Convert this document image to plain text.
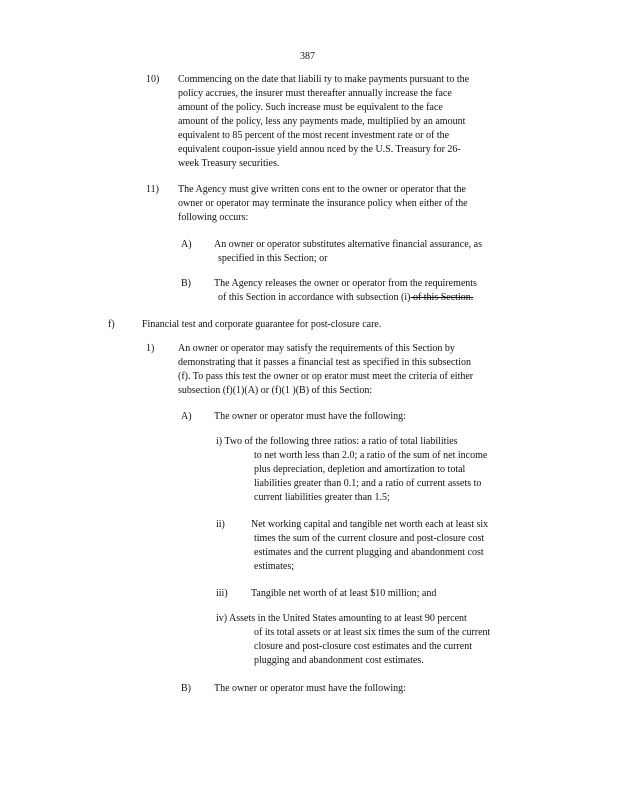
387
10) Commencing on the date that liabili ty to make payments pursuant to the
policy accrues, the insurer must thereafter annually increase the face
amount of the policy. Such increase must be equivalent to the face
amount of the policy, less any payments made, multiplied by an amount
equivalent to 85 percent of the most recent investment rate or of the
equivalent coupon-issue yield annou nced by the U.S. Treasury for 26-
week Treasury securities.
11) The Agency must give written cons ent to the owner or operator that the
owner or operator may terminate the insurance policy when either of the
following occurs:
A) An owner or operator substitutes alternative financial assurance, as
specified in this Section; or
B) The Agency releases the owner or operator from the requirements
of this Section in accordance with subsection (i) of this Section.
f)	Financial test and corporate guarantee for post-closure care.
1) An owner or operator may satisfy the requirements of this Section by
demonstrating that it passes a financial test as specified in this subsection
(f). To pass this test the owner or op erator must meet the criteria of either
subsection (f)(1)(A) or (f)(1 )(B) of this Section:
A) The owner or operator must have the following:
i) Two of the following three ratios: a ratio of total liabilities
to net worth less than 2.0; a ratio of the sum of net income
plus depreciation, depletion and amortization to total
liabilities greater than 0.1; and a ratio of current assets to
current liabilities greater than 1.5;
ii)	Net working capital and tangible net worth each at least six
times the sum of the current closure and post-closure cost
estimates and the current plugging and abandonment cost
estimates;
iii) Tangible net worth of at least $10 million; and
iv) Assets in the United States amounting to at least 90 percent
of its total assets or at least six times the sum of the current
closure and post-closure cost estimates and the current
plugging and abandonment cost estimates.
B) The owner or operator must have the following:
